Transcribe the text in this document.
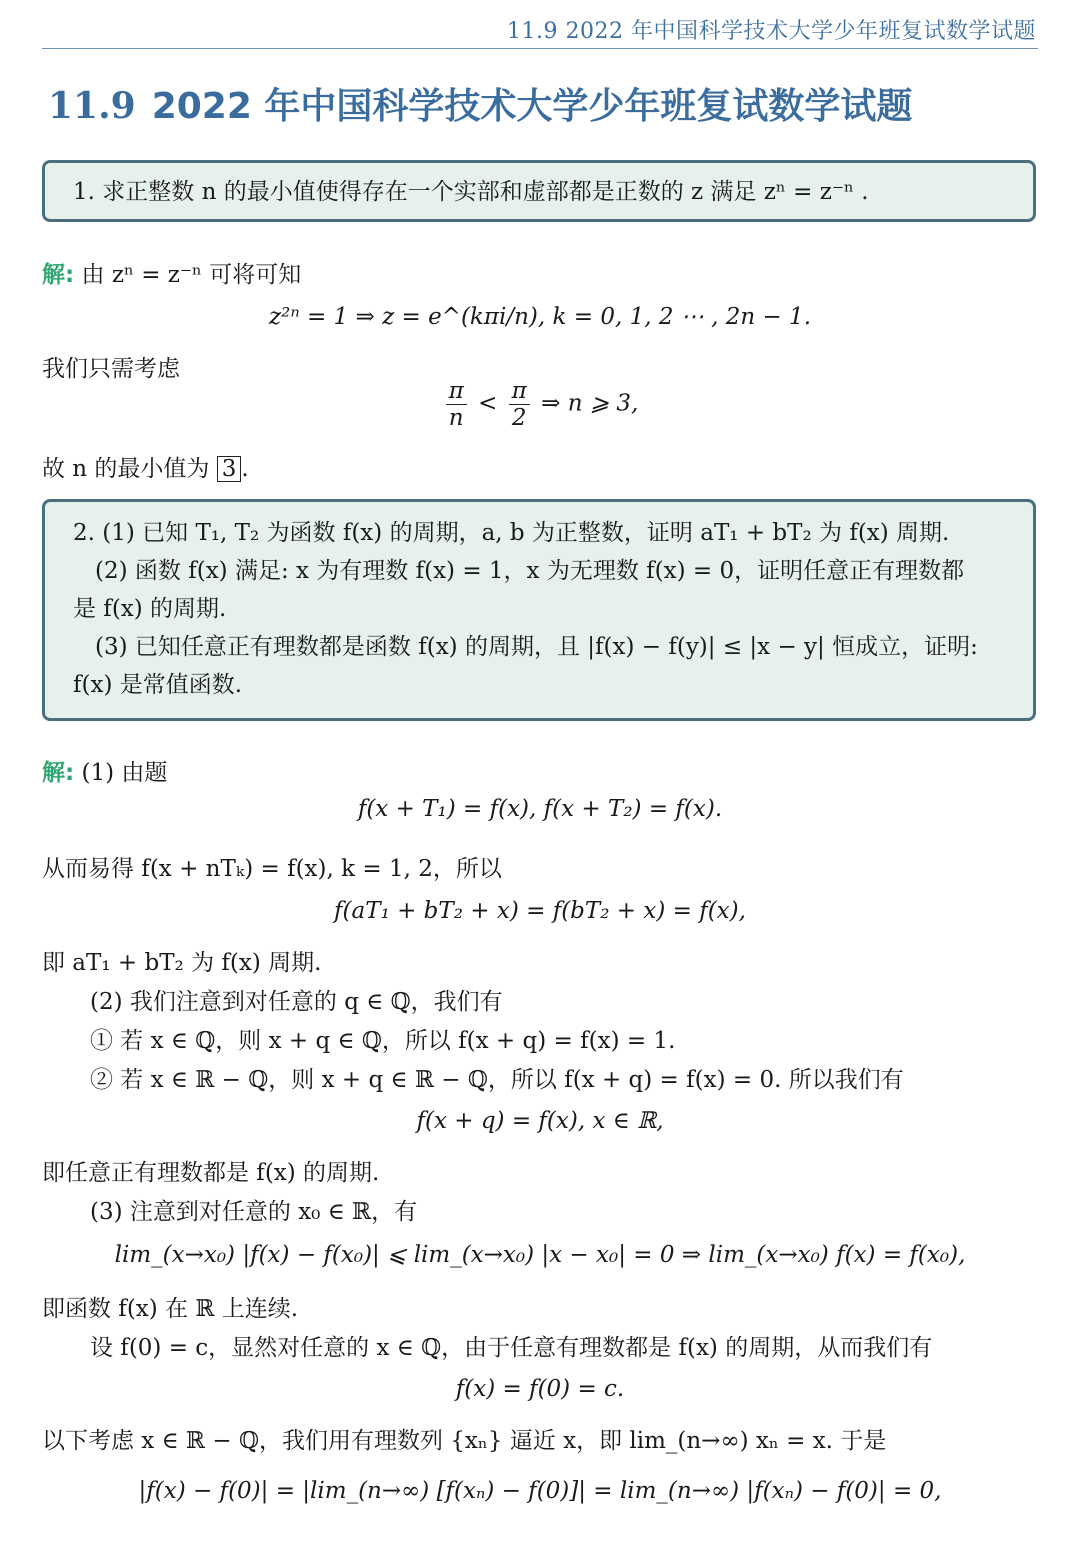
11.9 2022 年中国科学技术大学少年班复试数学试题
11.9 2022 年中国科学技术大学少年班复试数学试题
1. 求正整数 n 的最小值使得存在一个实部和虚部都是正数的 z 满足 zⁿ = z⁻ⁿ .
解: 由 zⁿ = z⁻ⁿ 可将可知
z²ⁿ = 1 ⇒ z = e^(kπi/n), k = 0, 1, 2 ⋯ , 2n − 1.
我们只需考虑
$\frac{\pi}{n} < \frac{\pi}{2}$ ⇒ n ⩾ 3,
故 n 的最小值为 3 .
2. (1) 已知 T₁, T₂ 为函数 f(x) 的周期，a, b 为正整数，证明 aT₁ + bT₂ 为 f(x) 周期.
(2) 函数 f(x) 满足: x 为有理数 f(x) = 1，x 为无理数 f(x) = 0，证明任意正有理数都
是 f(x) 的周期.
(3) 已知任意正有理数都是函数 f(x) 的周期，且 |f(x) − f(y)| ≤ |x − y| 恒成立，证明:
f(x) 是常值函数.
解: (1) 由题
f(x + T₁) = f(x), f(x + T₂) = f(x).
从而易得 f(x + nTₖ) = f(x), k = 1, 2，所以
f(aT₁ + bT₂ + x) = f(bT₂ + x) = f(x),
即 aT₁ + bT₂ 为 f(x) 周期.
(2) 我们注意到对任意的 q ∈ ℚ，我们有
① 若 x ∈ ℚ，则 x + q ∈ ℚ，所以 f(x + q) = f(x) = 1.
② 若 x ∈ ℝ − ℚ，则 x + q ∈ ℝ − ℚ，所以 f(x + q) = f(x) = 0. 所以我们有
f(x + q) = f(x), x ∈ ℝ,
即任意正有理数都是 f(x) 的周期.
(3) 注意到对任意的 x₀ ∈ ℝ，有
lim_(x→x₀) |f(x) − f(x₀)| ⩽ lim_(x→x₀) |x − x₀| = 0 ⇒ lim_(x→x₀) f(x) = f(x₀),
即函数 f(x) 在 ℝ 上连续.
设 f(0) = c，显然对任意的 x ∈ ℚ，由于任意有理数都是 f(x) 的周期，从而我们有
f(x) = f(0) = c.
以下考虑 x ∈ ℝ − ℚ，我们用有理数列 {xₙ} 逼近 x，即 lim_(n→∞) xₙ = x. 于是
|f(x) − f(0)| = |lim_(n→∞) [f(xₙ) − f(0)]| = lim_(n→∞) |f(xₙ) − f(0)| = 0,
